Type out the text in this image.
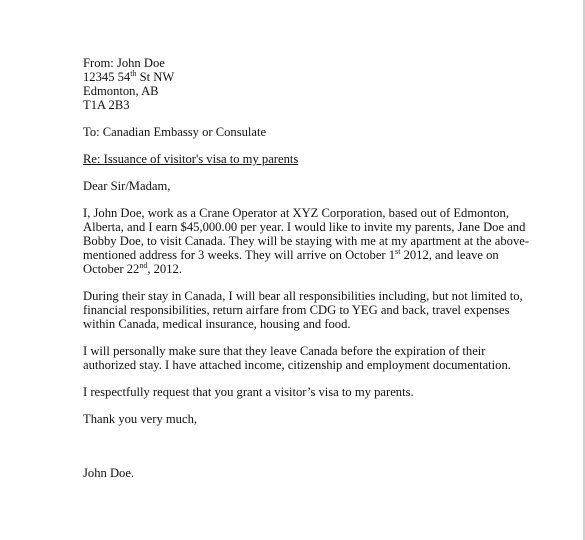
From: John Doe
12345 54th St NW
Edmonton, AB
T1A 2B3

To: Canadian Embassy or Consulate

Re: Issuance of visitor's visa to my parents

Dear Sir/Madam,

I, John Doe, work as a Crane Operator at XYZ Corporation, based out of Edmonton,
Alberta, and I earn $45,000.00 per year. I would like to invite my parents, Jane Doe and
Bobby Doe, to visit Canada. They will be staying with me at my apartment at the above-
mentioned address for 3 weeks. They will arrive on October 1st 2012, and leave on
October 22nd, 2012.

During their stay in Canada, I will bear all responsibilities including, but not limited to,
financial responsibilities, return airfare from CDG to YEG and back, travel expenses
within Canada, medical insurance, housing and food.

I will personally make sure that they leave Canada before the expiration of their
authorized stay. I have attached income, citizenship and employment documentation.

I respectfully request that you grant a visitor’s visa to my parents.

Thank you very much,

John Doe.
